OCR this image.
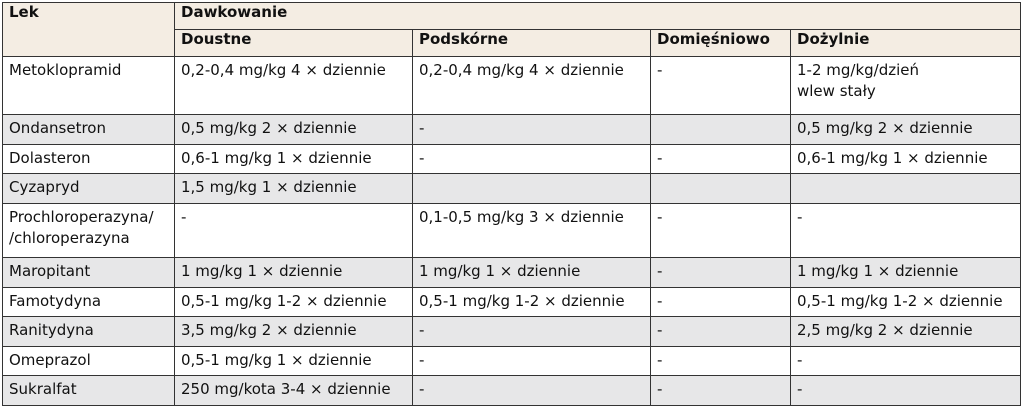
Lek	Dawkowanie			
	Doustne	Podskórne	Domięśniowo	Dożylnie

Metoklopramid	0,2-0,4 mg/kg 4 × dziennie	0,2-0,4 mg/kg 4 × dziennie	-	1-2 mg/kg/dzień
wlew stały

Ondansetron	0,5 mg/kg 2 × dziennie	-		0,5 mg/kg 2 × dziennie

Dolasteron	0,6-1 mg/kg 1 × dziennie	-	-	0,6-1 mg/kg 1 × dziennie

Cyzapryd	1,5 mg/kg 1 × dziennie			

Prochloroperazyna/
/chloroperazyna	-	0,1-0,5 mg/kg 3 × dziennie	-	-

Maropitant	1 mg/kg 1 × dziennie	1 mg/kg 1 × dziennie	-	1 mg/kg 1 × dziennie

Famotydyna	0,5-1 mg/kg 1-2 × dziennie	0,5-1 mg/kg 1-2 × dziennie	-	0,5-1 mg/kg 1-2 × dziennie

Ranitydyna	3,5 mg/kg 2 × dziennie	-	-	2,5 mg/kg 2 × dziennie

Omeprazol	0,5-1 mg/kg 1 × dziennie	-	-	-

Sukralfat	250 mg/kota 3-4 × dziennie	-	-	-
